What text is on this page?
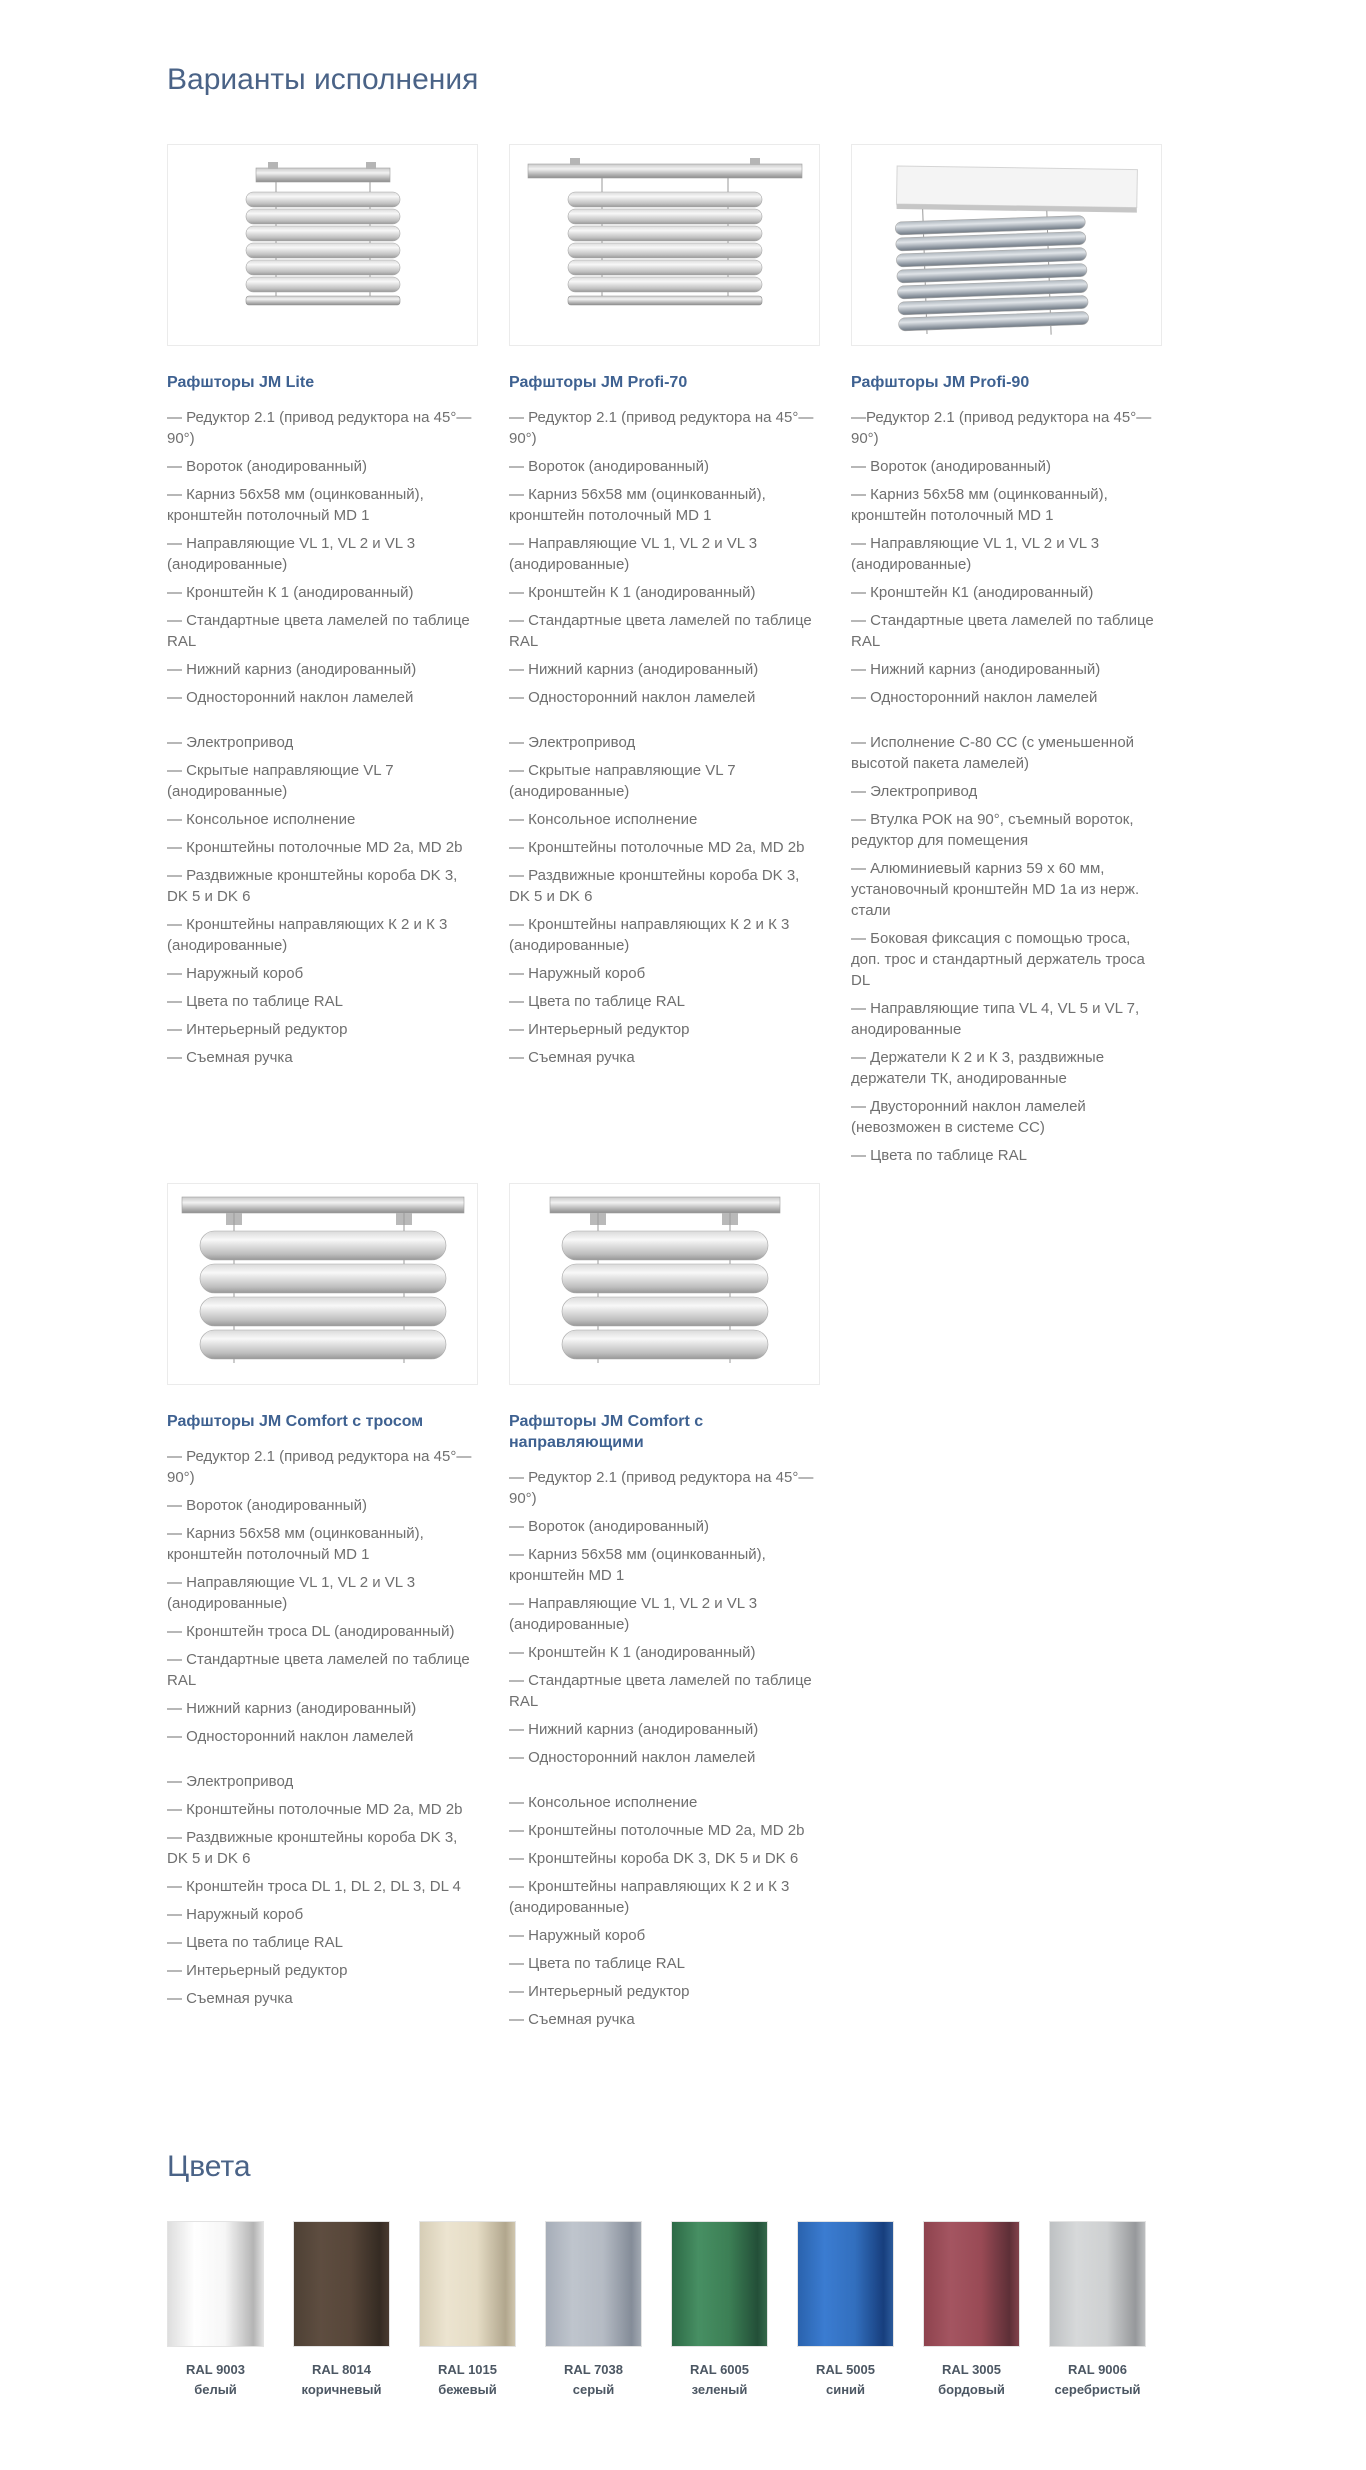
Варианты исполнения
Рафшторы JM Lite
— Редуктор 2.1 (привод редуктора на 45°—90°)
— Вороток (анодированный)
— Карниз 56х58 мм (оцинкованный), кронштейн потолочный MD 1
— Направляющие VL 1, VL 2 и VL 3 (анодированные)
— Кронштейн К 1 (анодированный)
— Стандартные цвета ламелей по таблице RAL
— Нижний карниз (анодированный)
— Односторонний наклон ламелей
— Электропривод
— Скрытые направляющие VL 7 (анодированные)
— Консольное исполнение
— Кронштейны потолочные MD 2a, MD 2b
— Раздвижные кронштейны короба DK 3, DK 5 и DK 6
— Кронштейны направляющих К 2 и К 3 (анодированные)
— Наружный короб
— Цвета по таблице RAL
— Интерьерный редуктор
— Съемная ручка
Рафшторы JM Profi-70
— Редуктор 2.1 (привод редуктора на 45°—90°)
— Вороток (анодированный)
— Карниз 56х58 мм (оцинкованный), кронштейн потолочный MD 1
— Направляющие VL 1, VL 2 и VL 3 (анодированные)
— Кронштейн К 1 (анодированный)
— Стандартные цвета ламелей по таблице RAL
— Нижний карниз (анодированный)
— Односторонний наклон ламелей
— Электропривод
— Скрытые направляющие VL 7 (анодированные)
— Консольное исполнение
— Кронштейны потолочные MD 2a, MD 2b
— Раздвижные кронштейны короба DK 3, DK 5 и DK 6
— Кронштейны направляющих К 2 и К 3 (анодированные)
— Наружный короб
— Цвета по таблице RAL
— Интерьерный редуктор
— Съемная ручка
Рафшторы JM Profi-90
—Редуктор 2.1 (привод редуктора на 45°—90°)
— Вороток (анодированный)
— Карниз 56х58 мм (оцинкованный), кронштейн потолочный MD 1
— Направляющие VL 1, VL 2 и VL 3 (анодированные)
— Кронштейн К1 (анодированный)
— Стандартные цвета ламелей по таблице RAL
— Нижний карниз (анодированный)
— Односторонний наклон ламелей
— Исполнение С-80 СС (с уменьшенной высотой пакета ламелей)
— Электропривод
— Втулка РОК на 90°, съемный вороток, редуктор для помещения
— Алюминиевый карниз 59 х 60 мм, установочный кронштейн MD 1a из нерж. стали
— Боковая фиксация с помощью троса, доп. трос и стандартный держатель троса DL
— Направляющие типа VL 4, VL 5 и VL 7, анодированные
— Держатели К 2 и К 3, раздвижные держатели ТК, анодированные
— Двусторонний наклон ламелей (невозможен в системе СС)
— Цвета по таблице RAL
Рафшторы JM Comfort с тросом
— Редуктор 2.1 (привод редуктора на 45°—90°)
— Вороток (анодированный)
— Карниз 56х58 мм (оцинкованный), кронштейн потолочный MD 1
— Направляющие VL 1, VL 2 и VL 3 (анодированные)
— Кронштейн троса DL (анодированный)
— Стандартные цвета ламелей по таблице RAL
— Нижний карниз (анодированный)
— Односторонний наклон ламелей
— Электропривод
— Кронштейны потолочные MD 2a, MD 2b
— Раздвижные кронштейны короба DK 3, DK 5 и DK 6
— Кронштейн троса DL 1, DL 2, DL 3, DL 4
— Наружный короб
— Цвета по таблице RAL
— Интерьерный редуктор
— Съемная ручка
Рафшторы JM Comfort с направляющими
— Редуктор 2.1 (привод редуктора на 45°—90°)
— Вороток (анодированный)
— Карниз 56х58 мм (оцинкованный), кронштейн MD 1
— Направляющие VL 1, VL 2 и VL 3 (анодированные)
— Кронштейн К 1 (анодированный)
— Стандартные цвета ламелей по таблице RAL
— Нижний карниз (анодированный)
— Односторонний наклон ламелей
— Консольное исполнение
— Кронштейны потолочные MD 2a, MD 2b
— Кронштейны короба DK 3, DK 5 и DK 6
— Кронштейны направляющих К 2 и К 3 (анодированные)
— Наружный короб
— Цвета по таблице RAL
— Интерьерный редуктор
— Съемная ручка
Цвета
RAL 9003
белый
RAL 8014
коричневый
RAL 1015
бежевый
RAL 7038
серый
RAL 6005
зеленый
RAL 5005
синий
RAL 3005
бордовый
RAL 9006
серебристый
